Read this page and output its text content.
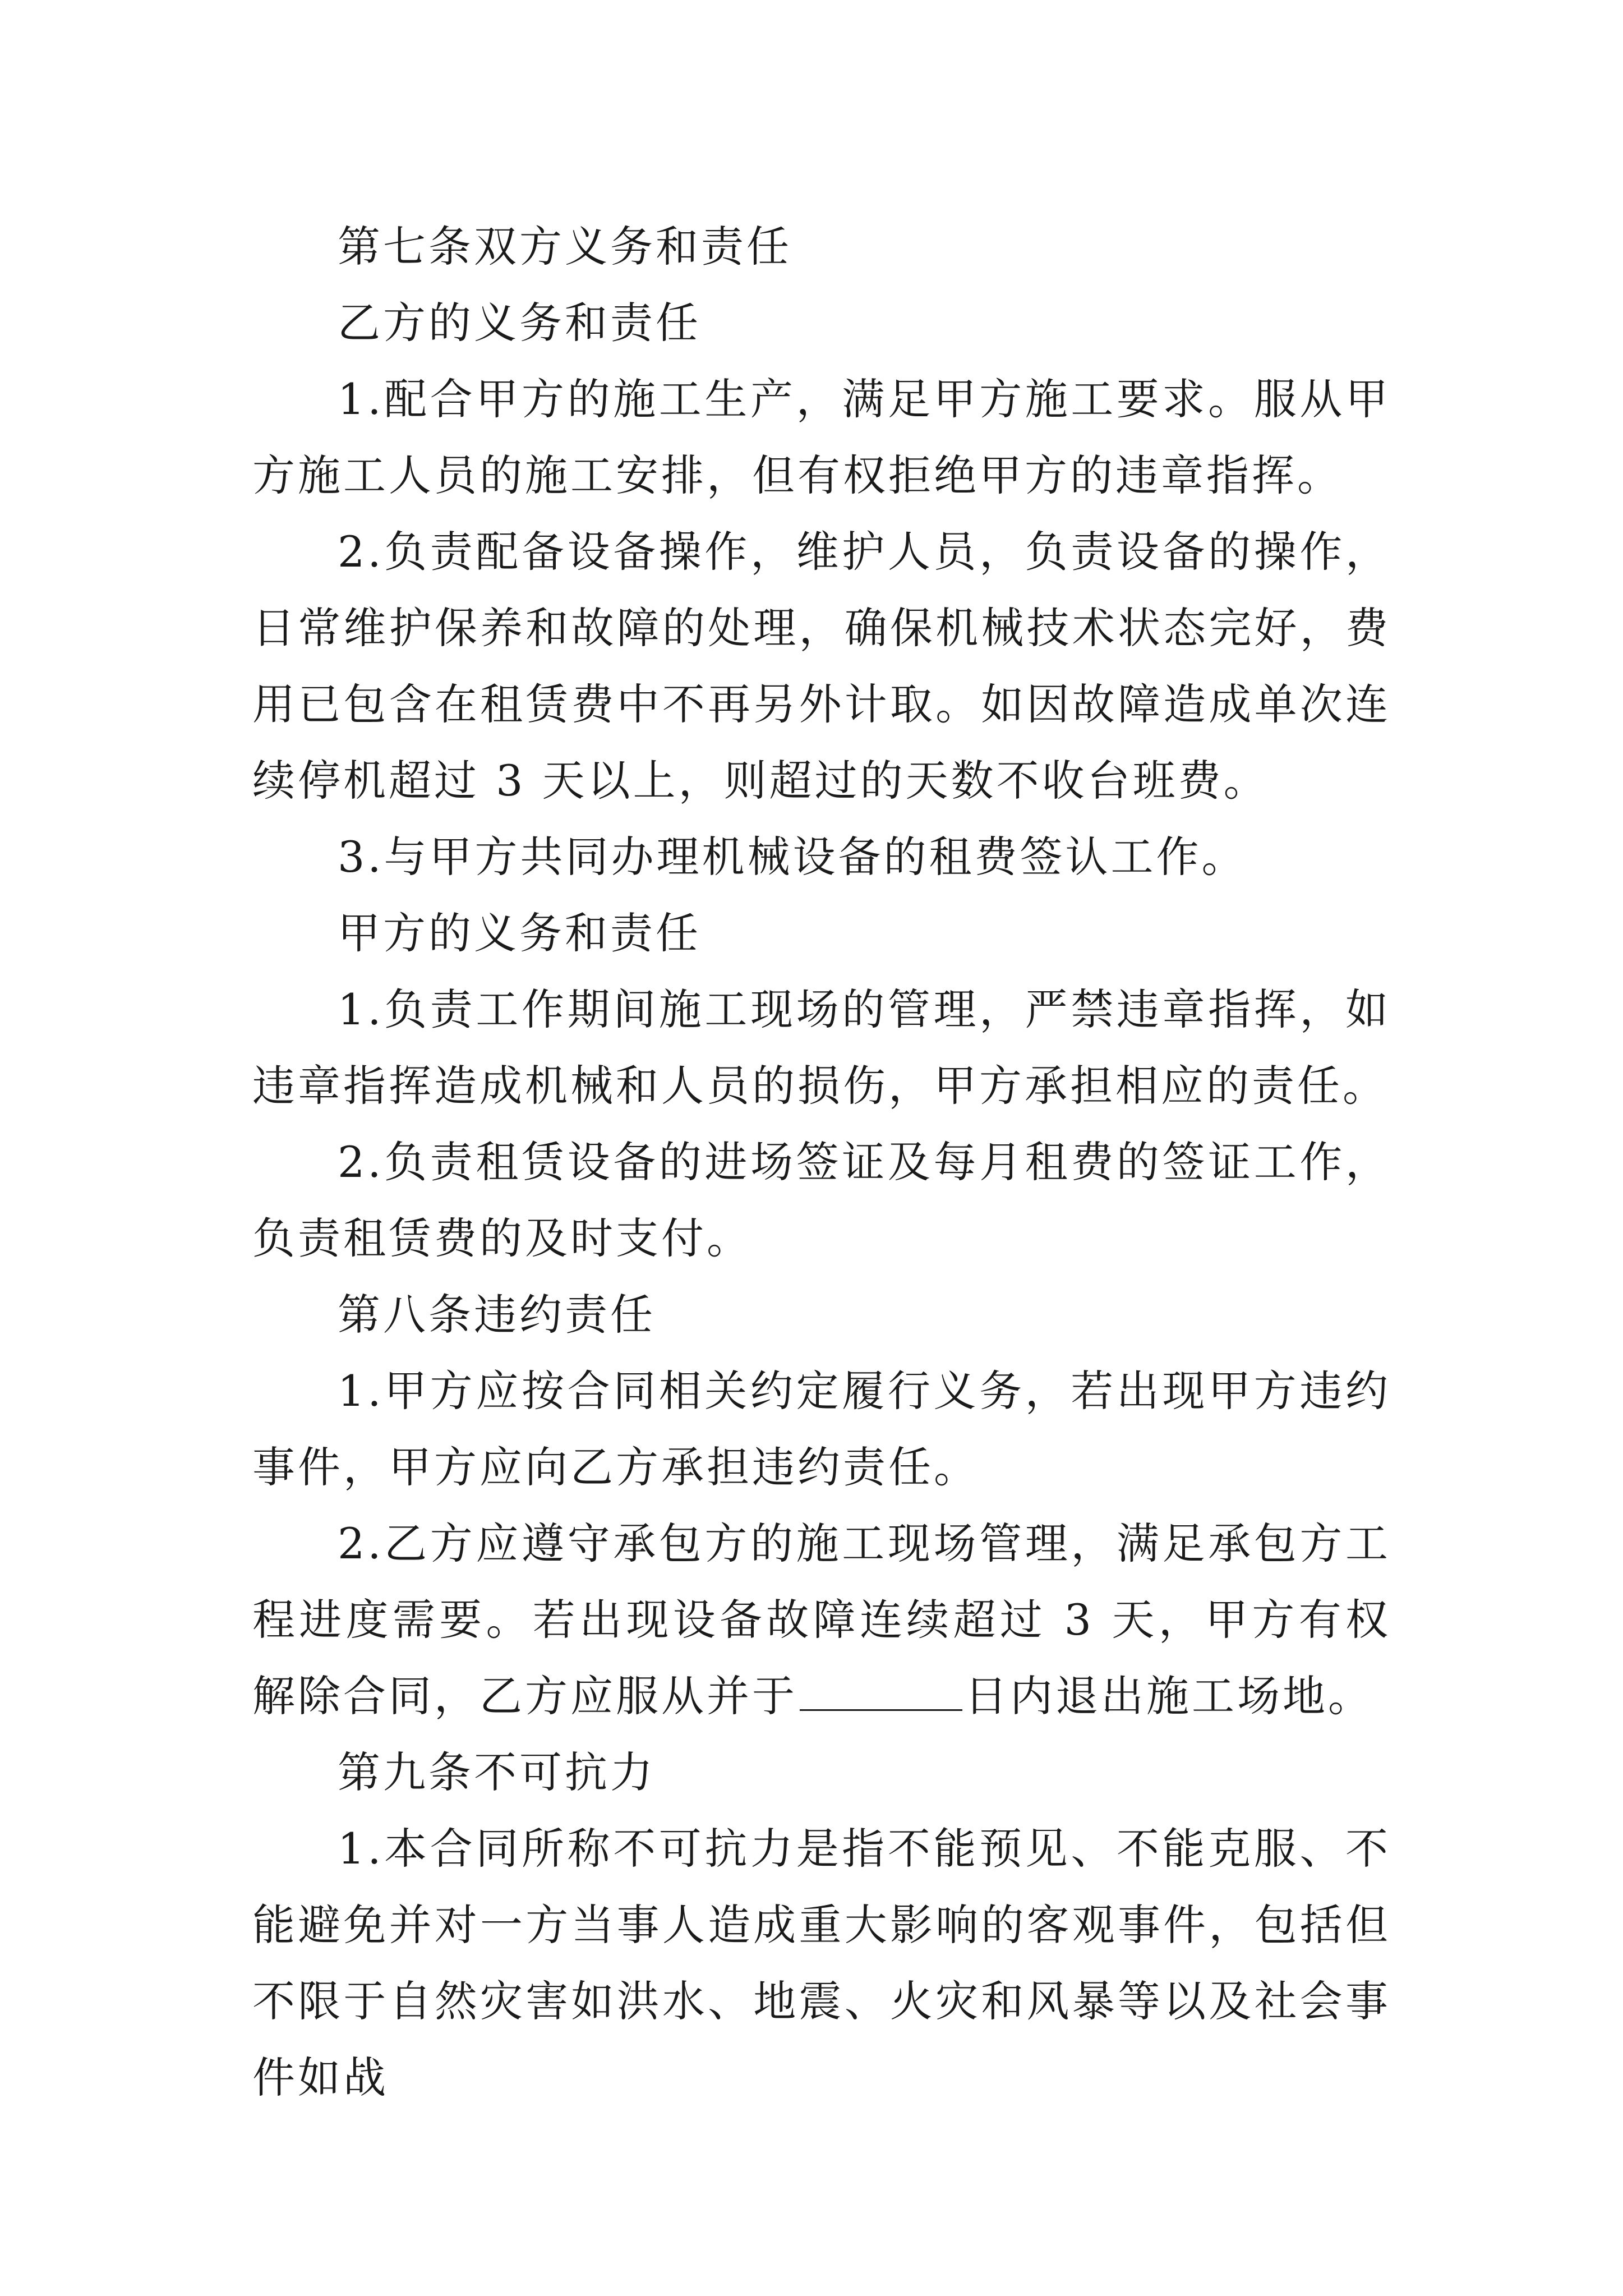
第七条双方义务和责任

乙方的义务和责任

1.配合甲方的施工生产，满足甲方施工要求。服从甲方施工人员的施工安排，但有权拒绝甲方的违章指挥。

2.负责配备设备操作，维护人员，负责设备的操作，日常维护保养和故障的处理，确保机械技术状态完好，费用已包含在租赁费中不再另外计取。如因故障造成单次连续停机超过 3 天以上，则超过的天数不收台班费。

3.与甲方共同办理机械设备的租费签认工作。

甲方的义务和责任

1.负责工作期间施工现场的管理，严禁违章指挥，如违章指挥造成机械和人员的损伤，甲方承担相应的责任。

2.负责租赁设备的进场签证及每月租费的签证工作，负责租赁费的及时支付。

第八条违约责任

1.甲方应按合同相关约定履行义务，若出现甲方违约事件，甲方应向乙方承担违约责任。

2.乙方应遵守承包方的施工现场管理，满足承包方工程进度需要。若出现设备故障连续超过 3 天，甲方有权解除合同，乙方应服从并于	日内退出施工场地。

第九条不可抗力

1.本合同所称不可抗力是指不能预见、不能克服、不能避免并对一方当事人造成重大影响的客观事件，包括但不限于自然灾害如洪水、地震、火灾和风暴等以及社会事件如战
